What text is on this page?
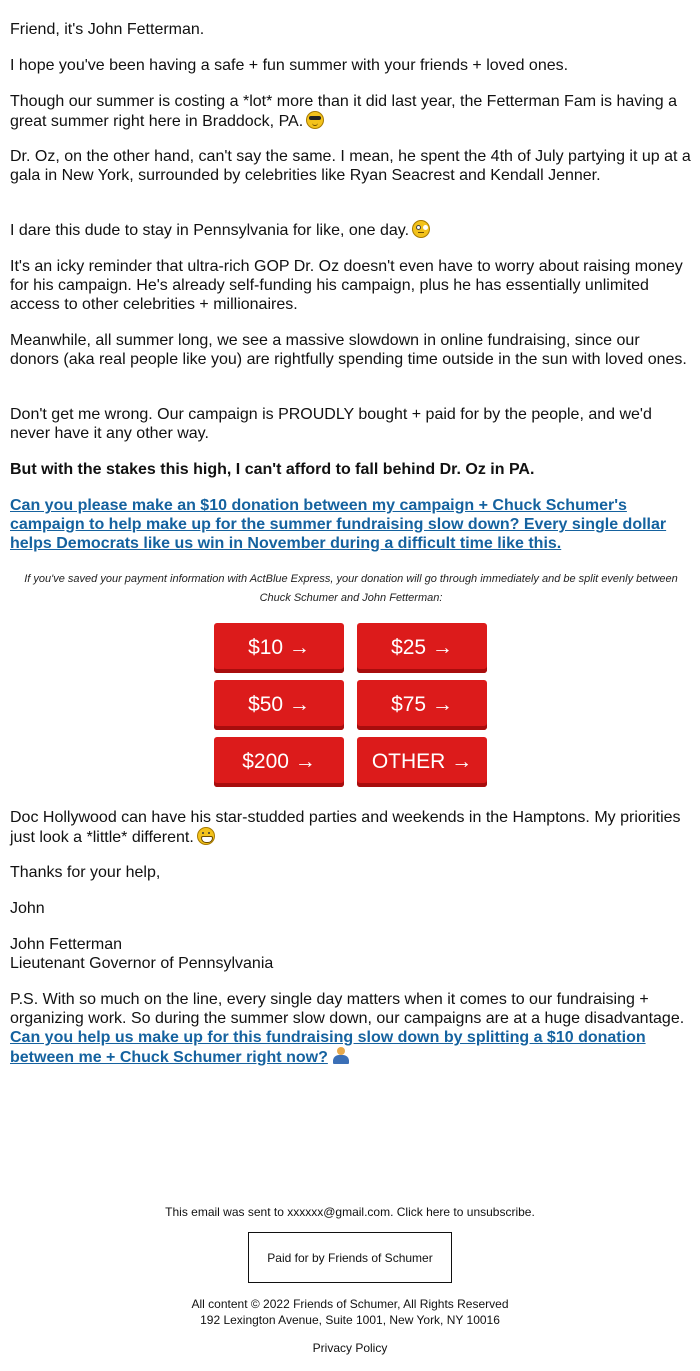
Friend, it's John Fetterman.

I hope you've been having a safe + fun summer with your friends + loved ones.

Though our summer is costing a *lot* more than it did last year, the Fetterman Fam is having a great summer right here in Braddock, PA.

Dr. Oz, on the other hand, can't say the same. I mean, he spent the 4th of July partying it up at a gala in New York, surrounded by celebrities like Ryan Seacrest and Kendall Jenner.

I dare this dude to stay in Pennsylvania for like, one day.

It's an icky reminder that ultra-rich GOP Dr. Oz doesn't even have to worry about raising money for his campaign. He's already self-funding his campaign, plus he has essentially unlimited access to other celebrities + millionaires.

Meanwhile, all summer long, we see a massive slowdown in online fundraising, since our donors (aka real people like you) are rightfully spending time outside in the sun with loved ones.

Don't get me wrong. Our campaign is PROUDLY bought + paid for by the people, and we'd never have it any other way.

But with the stakes this high, I can't afford to fall behind Dr. Oz in PA.

Can you please make an $10 donation between my campaign + Chuck Schumer's campaign to help make up for the summer fundraising slow down? Every single dollar helps Democrats like us win in November during a difficult time like this.

If you've saved your payment information with ActBlue Express, your donation will go through immediately and be split evenly between Chuck Schumer and John Fetterman:

$10 →	$25 →
$50 →	$75 →
$200 →	OTHER →

Doc Hollywood can have his star-studded parties and weekends in the Hamptons. My priorities just look a *little* different.

Thanks for your help,

John

John Fetterman

Lieutenant Governor of Pennsylvania

P.S. With so much on the line, every single day matters when it comes to our fundraising + organizing work. So during the summer slow down, our campaigns are at a huge disadvantage. Can you help us make up for this fundraising slow down by splitting a $10 donation between me + Chuck Schumer right now?

This email was sent to xxxxxx@gmail.com. Click here to unsubscribe.
Paid for by Friends of Schumer
All content © 2022 Friends of Schumer, All Rights Reserved
192 Lexington Avenue, Suite 1001, New York, NY 10016
Privacy Policy
